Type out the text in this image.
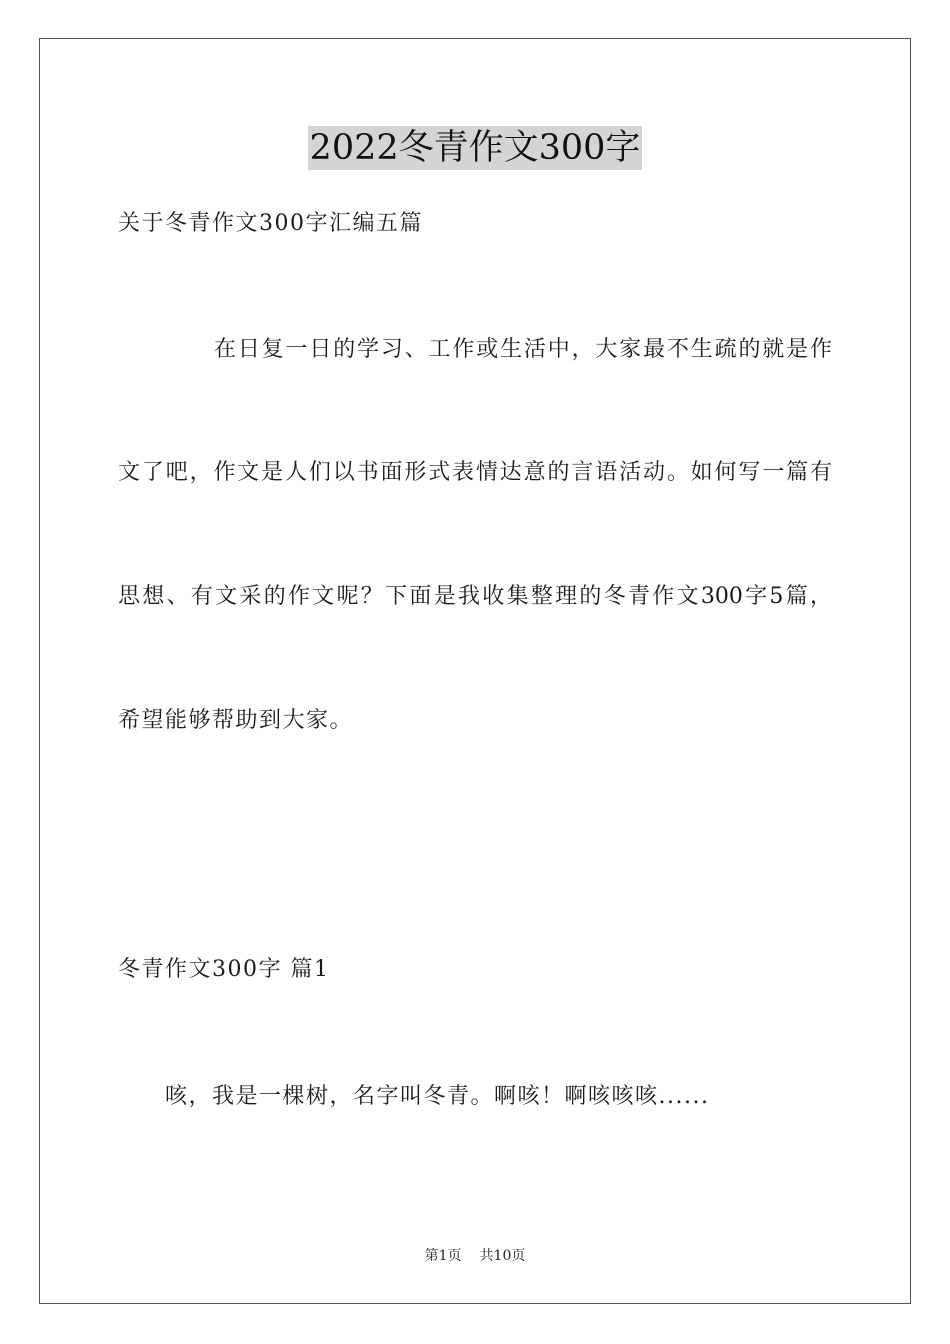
2022冬青作文300字
关于冬青作文300字汇编五篇
在日复一日的学习、工作或生活中，大家最不生疏的就是作
文了吧，作文是人们以书面形式表情达意的言语活动。如何写一篇有
思想、有文采的作文呢？下面是我收集整理的冬青作文300字5篇，
希望能够帮助到大家。
冬青作文300字 篇1
咳，我是一棵树，名字叫冬青。啊咳！啊咳咳咳......
第1页 共10页
